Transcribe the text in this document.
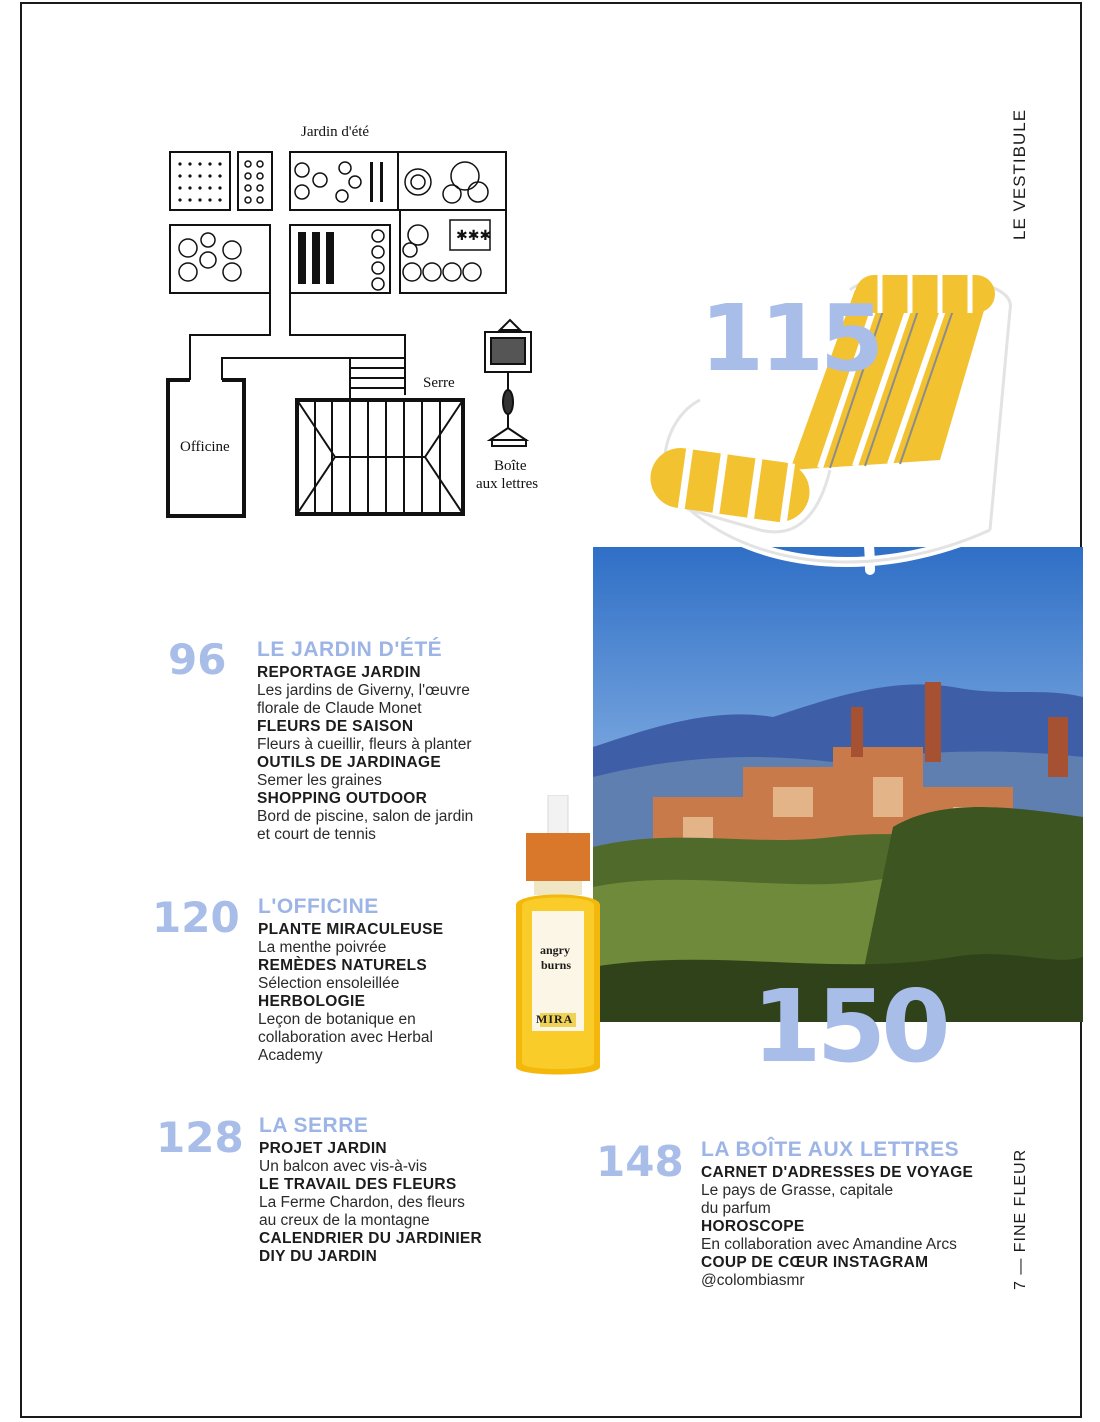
LE VESTIBULE
7 — FINE FLEUR
✱✱✱
Jardin d'été
Serre
Officine
Boîte
aux lettres
115
150
angry
burns
MIRA
96 LE JARDIN D'ÉTÉ
REPORTAGE JARDIN
Les jardins de Giverny, l'œuvre
florale de Claude Monet
FLEURS DE SAISON
Fleurs à cueillir, fleurs à planter
OUTILS DE JARDINAGE
Semer les graines
SHOPPING OUTDOOR
Bord de piscine, salon de jardin
et court de tennis
120 L'OFFICINE
PLANTE MIRACULEUSE
La menthe poivrée
REMÈDES NATURELS
Sélection ensoleillée
HERBOLOGIE
Leçon de botanique en
collaboration avec Herbal
Academy
128 LA SERRE
PROJET JARDIN
Un balcon avec vis-à-vis
LE TRAVAIL DES FLEURS
La Ferme Chardon, des fleurs
au creux de la montagne
CALENDRIER DU JARDINIER
DIY DU JARDIN
148 LA BOÎTE AUX LETTRES
CARNET D'ADRESSES DE VOYAGE
Le pays de Grasse, capitale
du parfum
HOROSCOPE
En collaboration avec Amandine Arcs
COUP DE CŒUR INSTAGRAM
@colombiasmr
